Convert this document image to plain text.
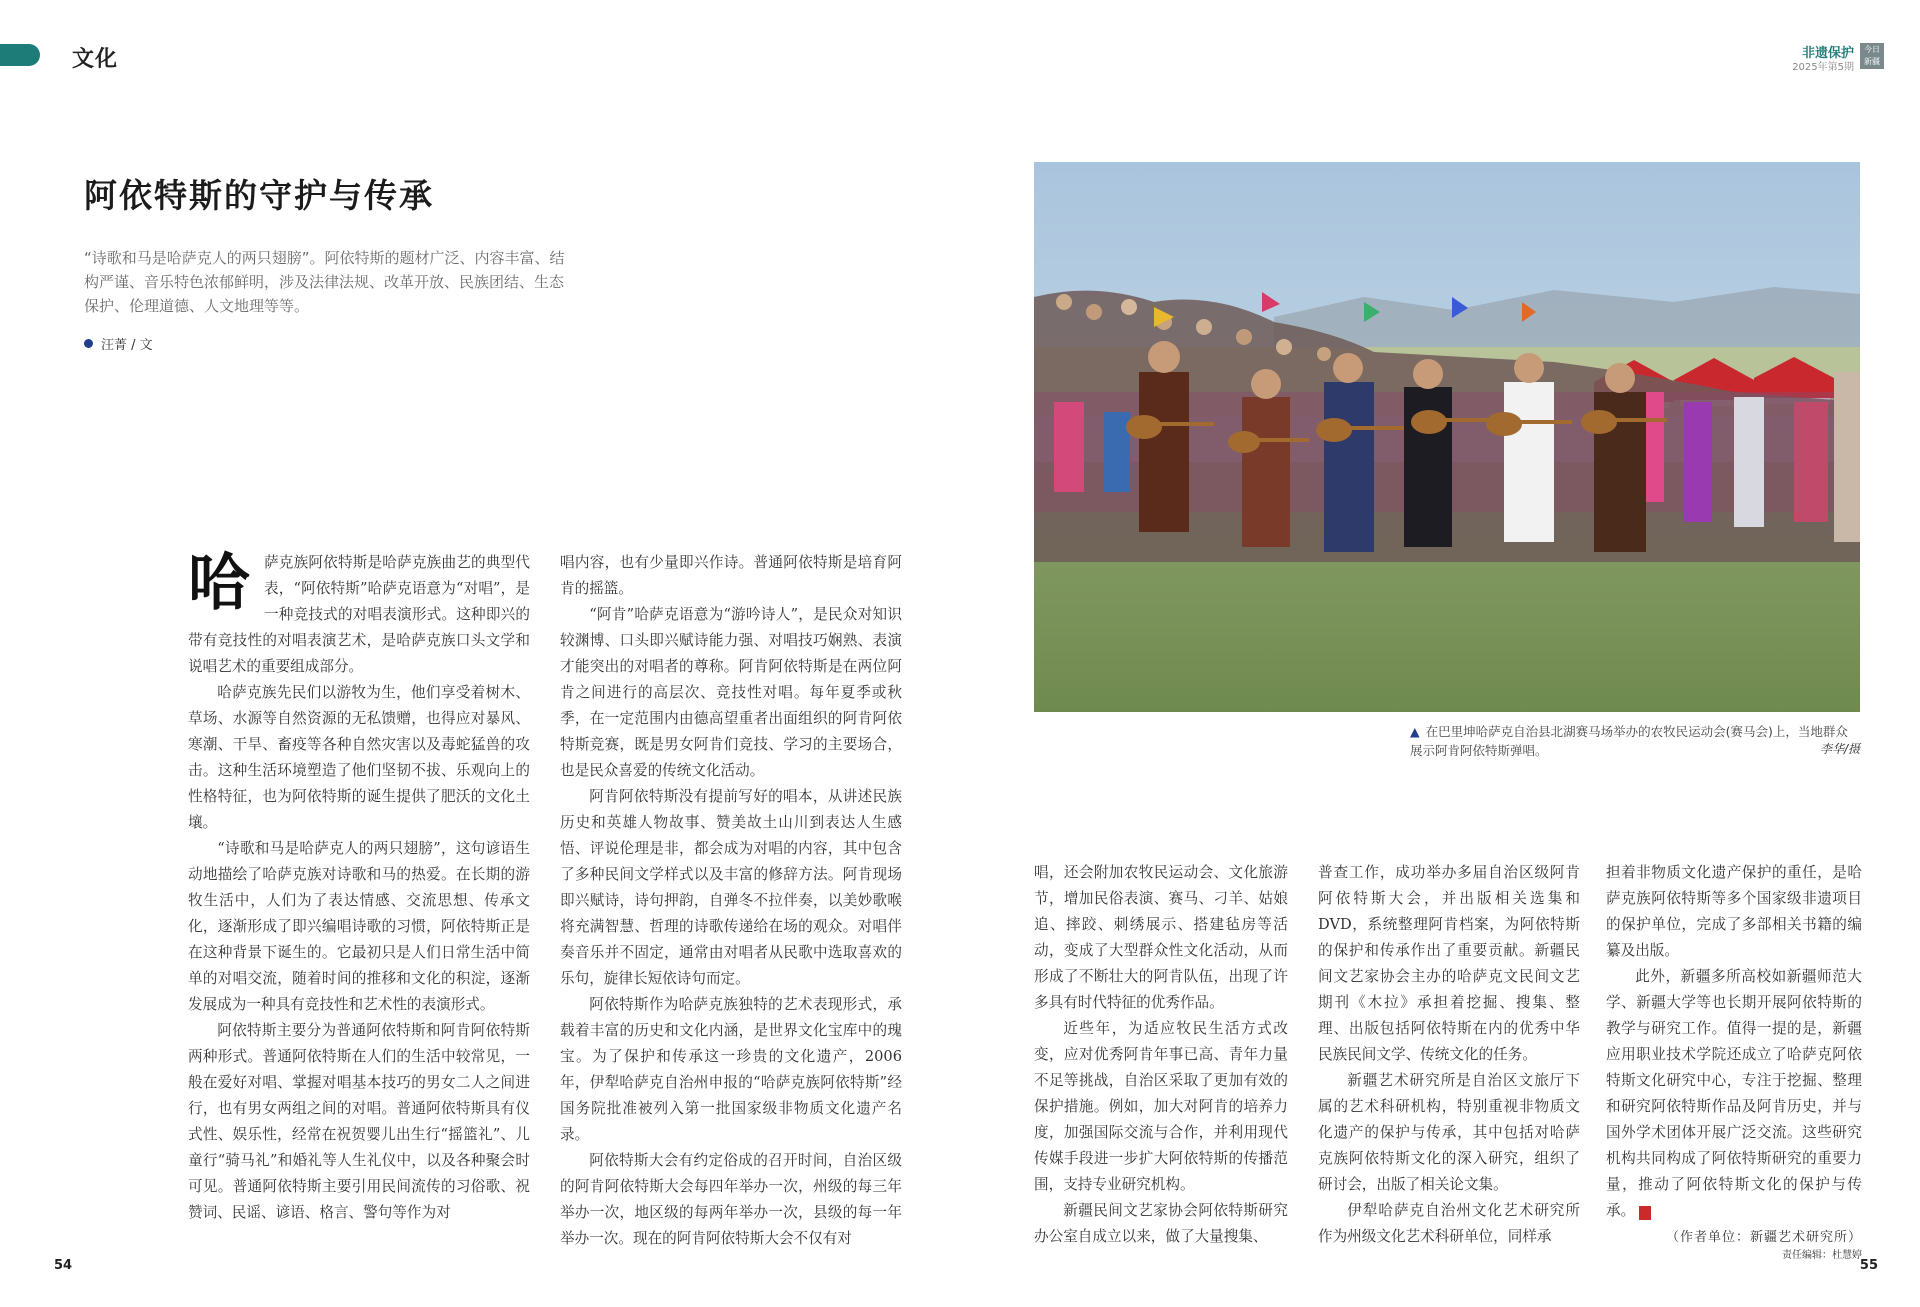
文化	非遗保护
2025年第5期
今日
新疆
阿依特斯的守护与传承
“诗歌和马是哈萨克人的两只翅膀”。阿依特斯的题材广泛、内容丰富、结构严谨、音乐特色浓郁鲜明，涉及法律法规、改革开放、民族团结、生态保护、伦理道德、人文地理等等。
汪菁 / 文

哈萨克族阿依特斯是哈萨克族曲艺的典型代表，“阿依特斯”哈萨克语意为“对唱”，是一种竞技式的对唱表演形式。这种即兴的带有竞技性的对唱表演艺术，是哈萨克族口头文学和说唱艺术的重要组成部分。

哈萨克族先民们以游牧为生，他们享受着树木、草场、水源等自然资源的无私馈赠，也得应对暴风、寒潮、干旱、畜疫等各种自然灾害以及毒蛇猛兽的攻击。这种生活环境塑造了他们坚韧不拔、乐观向上的性格特征，也为阿依特斯的诞生提供了肥沃的文化土壤。

“诗歌和马是哈萨克人的两只翅膀”，这句谚语生动地描绘了哈萨克族对诗歌和马的热爱。在长期的游牧生活中，人们为了表达情感、交流思想、传承文化，逐渐形成了即兴编唱诗歌的习惯，阿依特斯正是在这种背景下诞生的。它最初只是人们日常生活中简单的对唱交流，随着时间的推移和文化的积淀，逐渐发展成为一种具有竞技性和艺术性的表演形式。

阿依特斯主要分为普通阿依特斯和阿肯阿依特斯两种形式。普通阿依特斯在人们的生活中较常见，一般在爱好对唱、掌握对唱基本技巧的男女二人之间进行，也有男女两组之间的对唱。普通阿依特斯具有仪式性、娱乐性，经常在祝贺婴儿出生行“摇篮礼”、儿童行“骑马礼”和婚礼等人生礼仪中，以及各种聚会时可见。普通阿依特斯主要引用民间流传的习俗歌、祝赞词、民谣、谚语、格言、警句等作为对

唱内容，也有少量即兴作诗。普通阿依特斯是培育阿肯的摇篮。

“阿肯”哈萨克语意为“游吟诗人”，是民众对知识较渊博、口头即兴赋诗能力强、对唱技巧娴熟、表演才能突出的对唱者的尊称。阿肯阿依特斯是在两位阿肯之间进行的高层次、竞技性对唱。每年夏季或秋季，在一定范围内由德高望重者出面组织的阿肯阿依特斯竞赛，既是男女阿肯们竞技、学习的主要场合，也是民众喜爱的传统文化活动。

阿肯阿依特斯没有提前写好的唱本，从讲述民族历史和英雄人物故事、赞美故土山川到表达人生感悟、评说伦理是非，都会成为对唱的内容，其中包含了多种民间文学样式以及丰富的修辞方法。阿肯现场即兴赋诗，诗句押韵，自弹冬不拉伴奏，以美妙歌喉将充满智慧、哲理的诗歌传递给在场的观众。对唱伴奏音乐并不固定，通常由对唱者从民歌中选取喜欢的乐句，旋律长短依诗句而定。

阿依特斯作为哈萨克族独特的艺术表现形式，承载着丰富的历史和文化内涵，是世界文化宝库中的瑰宝。为了保护和传承这一珍贵的文化遗产，2006年，伊犁哈萨克自治州申报的“哈萨克族阿依特斯”经国务院批准被列入第一批国家级非物质文化遗产名录。

阿依特斯大会有约定俗成的召开时间，自治区级的阿肯阿依特斯大会每四年举办一次，州级的每三年举办一次，地区级的每两年举办一次，县级的每一年举办一次。现在的阿肯阿依特斯大会不仅有对

▲ 在巴里坤哈萨克自治县北湖赛马场举办的农牧民运动会(赛马会)上，当地群众展示阿肯阿依特斯弹唱。	李华/摄

唱，还会附加农牧民运动会、文化旅游节，增加民俗表演、赛马、刁羊、姑娘追、摔跤、刺绣展示、搭建毡房等活动，变成了大型群众性文化活动，从而形成了不断壮大的阿肯队伍，出现了许多具有时代特征的优秀作品。

近些年，为适应牧民生活方式改变，应对优秀阿肯年事已高、青年力量不足等挑战，自治区采取了更加有效的保护措施。例如，加大对阿肯的培养力度，加强国际交流与合作，并利用现代传媒手段进一步扩大阿依特斯的传播范围，支持专业研究机构。

新疆民间文艺家协会阿依特斯研究办公室自成立以来，做了大量搜集、

普查工作，成功举办多届自治区级阿肯阿依特斯大会，并出版相关选集和DVD，系统整理阿肯档案，为阿依特斯的保护和传承作出了重要贡献。新疆民间文艺家协会主办的哈萨克文民间文艺期刊《木拉》承担着挖掘、搜集、整理、出版包括阿依特斯在内的优秀中华民族民间文学、传统文化的任务。

新疆艺术研究所是自治区文旅厅下属的艺术科研机构，特别重视非物质文化遗产的保护与传承，其中包括对哈萨克族阿依特斯文化的深入研究，组织了研讨会，出版了相关论文集。

伊犁哈萨克自治州文化艺术研究所作为州级文化艺术科研单位，同样承

担着非物质文化遗产保护的重任，是哈萨克族阿依特斯等多个国家级非遗项目的保护单位，完成了多部相关书籍的编纂及出版。

此外，新疆多所高校如新疆师范大学、新疆大学等也长期开展阿依特斯的教学与研究工作。值得一提的是，新疆应用职业技术学院还成立了哈萨克阿依特斯文化研究中心，专注于挖掘、整理和研究阿依特斯作品及阿肯历史，并与国外学术团体开展广泛交流。这些研究机构共同构成了阿依特斯研究的重要力量，推动了阿依特斯文化的保护与传承。	J

（作者单位：新疆艺术研究所）
责任编辑：杜慧婷
54	55
